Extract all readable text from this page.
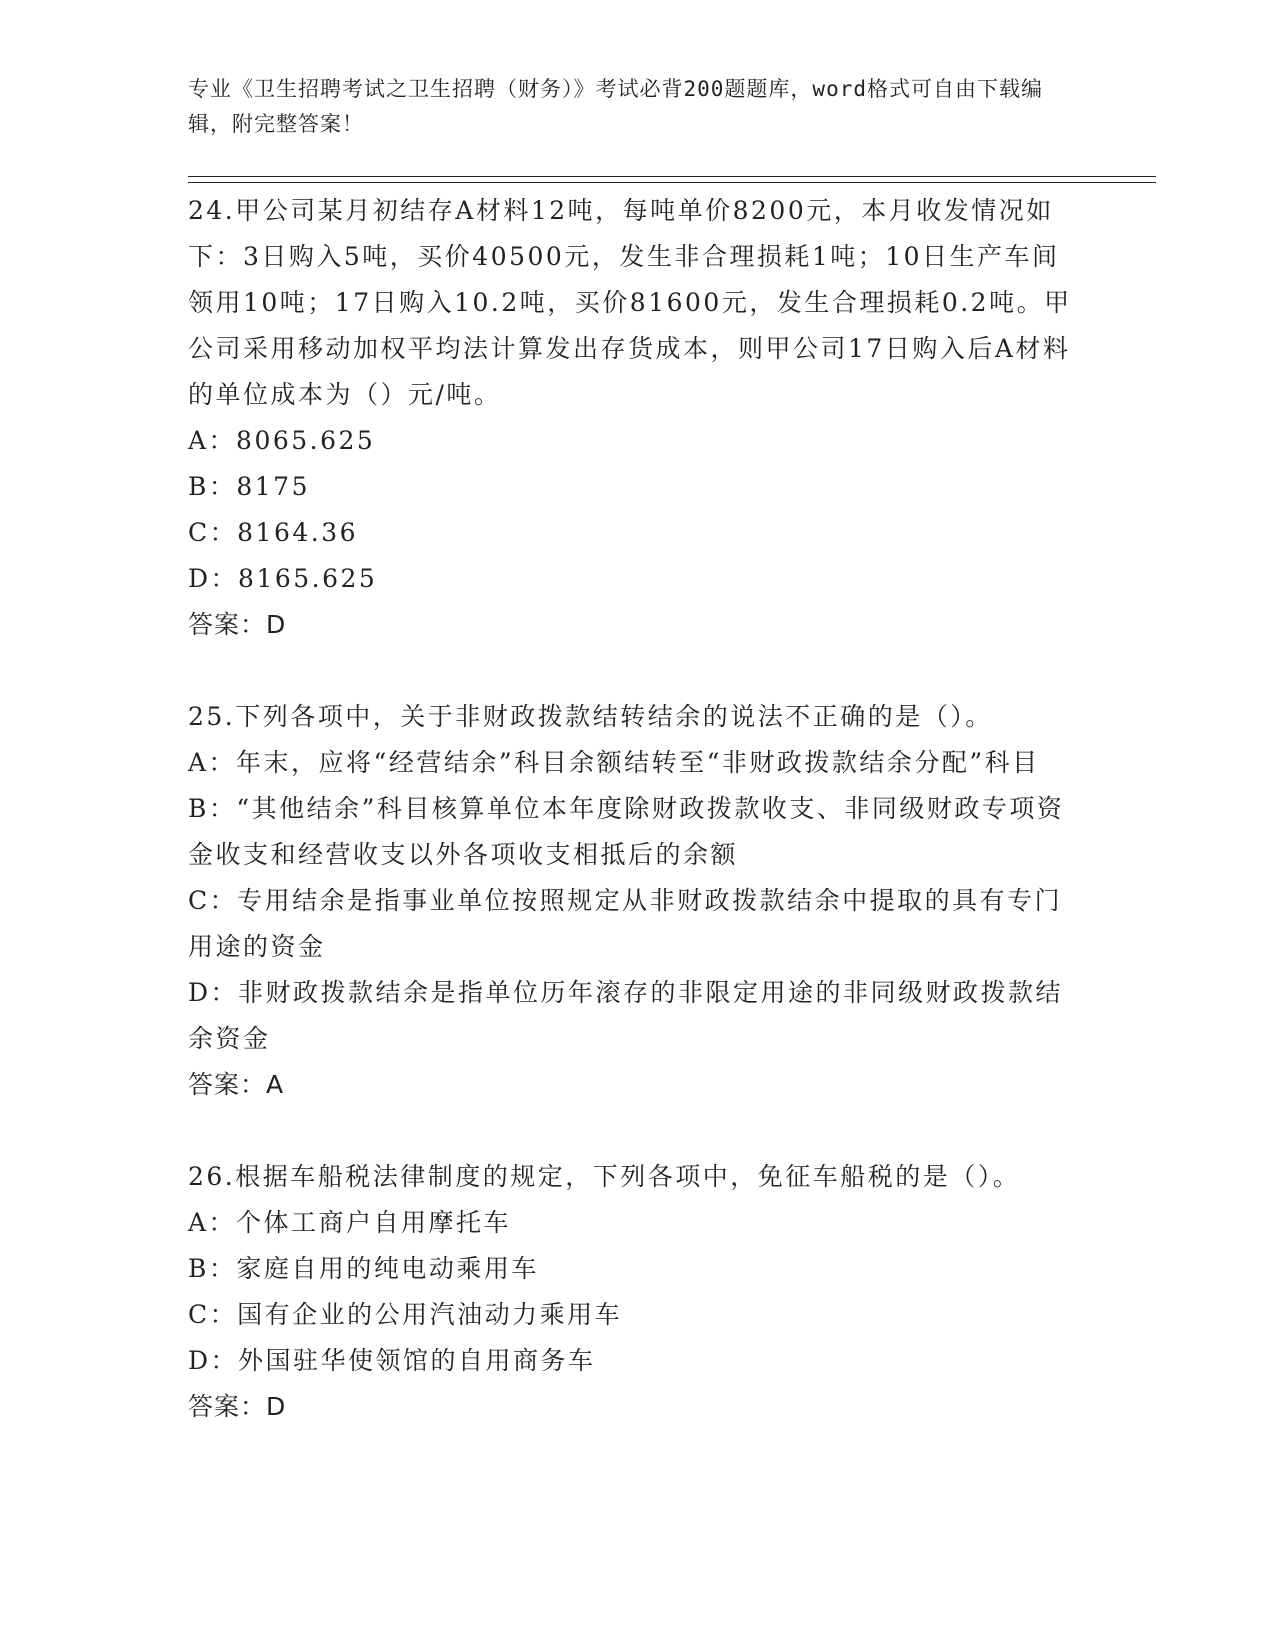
专业《卫生招聘考试之卫生招聘（财务）》考试必背200题题库，word格式可自由下载编辑，附完整答案！
24.甲公司某月初结存A材料12吨，每吨单价8200元，本月收发情况如下：3日购入5吨，买价40500元，发生非合理损耗1吨；10日生产车间领用10吨；17日购入10.2吨，买价81600元，发生合理损耗0.2吨。甲公司采用移动加权平均法计算发出存货成本，则甲公司17日购入后A材料的单位成本为（）元/吨。
A：8065.625
B：8175
C：8164.36
D：8165.625
答案：D
25.下列各项中，关于非财政拨款结转结余的说法不正确的是（）。
A：年末，应将“经营结余”科目余额结转至“非财政拨款结余分配”科目
B：“其他结余”科目核算单位本年度除财政拨款收支、非同级财政专项资金收支和经营收支以外各项收支相抵后的余额
C：专用结余是指事业单位按照规定从非财政拨款结余中提取的具有专门用途的资金
D：非财政拨款结余是指单位历年滚存的非限定用途的非同级财政拨款结余资金
答案：A
26.根据车船税法律制度的规定，下列各项中，免征车船税的是（）。
A：个体工商户自用摩托车
B：家庭自用的纯电动乘用车
C：国有企业的公用汽油动力乘用车
D：外国驻华使领馆的自用商务车
答案：D
